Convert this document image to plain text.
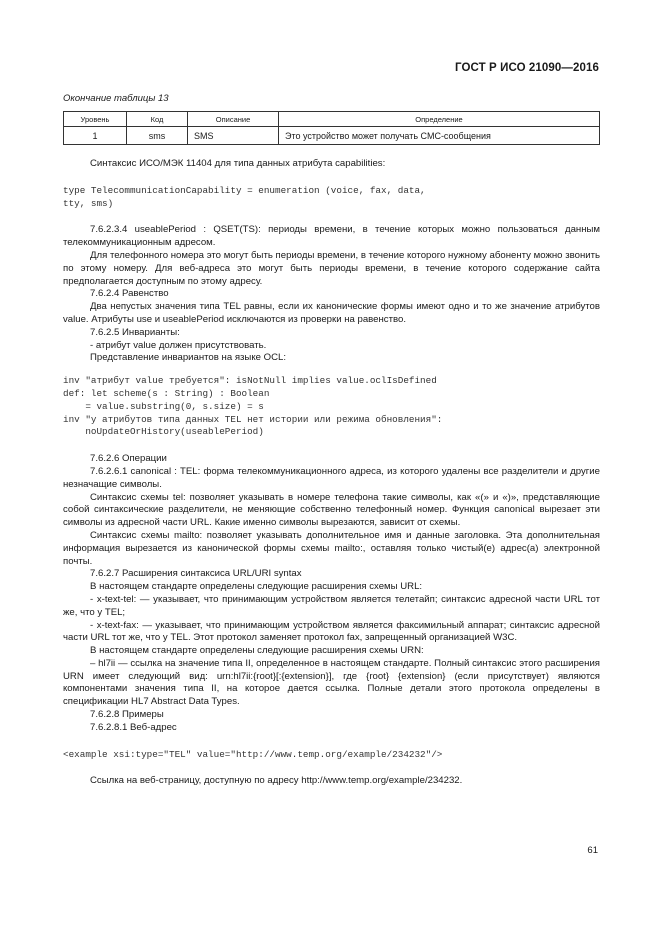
ГОСТ Р ИСО 21090—2016
Окончание таблицы 13
Уровень	Код	Описание	Определение
1	sms	SMS	Это устройство может получать СМС-сообщения

Синтаксис ИСО/МЭК 11404 для типа данных атрибута capabilities:

type TelecommunicationCapability = enumeration (voice, fax, data,
tty, sms)

7.6.2.3.4 useablePeriod : QSET(TS): периоды времени, в течение которых можно пользоваться данным телекоммуникационным адресом.

Для телефонного номера это могут быть периоды времени, в течение которого нужному абоненту можно звонить по этому номеру. Для веб-адреса это могут быть периоды времени, в течение которого содержание сайта предполагается доступным по этому адресу.

7.6.2.4 Равенство

Два непустых значения типа TEL равны, если их канонические формы имеют одно и то же значение атрибутов value. Атрибуты use и useablePeriod исключаются из проверки на равенство.

7.6.2.5 Инварианты:

- атрибут value должен присутствовать.

Представление инвариантов на языке OCL:

inv "атрибут value требуется": isNotNull implies value.oclIsDefined
def: let scheme(s : String) : Boolean
= value.substring(0, s.size) = s
inv "у атрибутов типа данных TEL нет истории или режима обновления":
noUpdateOrHistory(useablePeriod)

7.6.2.6 Операции

7.6.2.6.1 canonical : TEL: форма телекоммуникационного адреса, из которого удалены все разделители и другие незначащие символы.

Синтаксис схемы tel: позволяет указывать в номере телефона такие символы, как «(» и «)», представляющие собой синтаксические разделители, не меняющие собственно телефонный номер. Функция canonical вырезает эти символы из адресной части URL. Какие именно символы вырезаются, зависит от схемы.

Синтаксис схемы mailto: позволяет указывать дополнительное имя и данные заголовка. Эта дополнительная информация вырезается из канонической формы схемы mailto:, оставляя только чистый(е) адрес(а) электронной почты.

7.6.2.7 Расширения синтаксиса URL/URI syntax

В настоящем стандарте определены следующие расширения схемы URL:

- x-text-tel: — указывает, что принимающим устройством является телетайп; синтаксис адресной части URL тот же, что у TEL;

- x-text-fax: — указывает, что принимающим устройством является факсимильный аппарат; синтаксис адресной части URL тот же, что у TEL. Этот протокол заменяет протокол fax, запрещенный организацией W3C.

В настоящем стандарте определены следующие расширения схемы URN:

– hl7ii — ссылка на значение типа II, определенное в настоящем стандарте. Полный синтаксис этого расширения URN имеет следующий вид: urn:hl7ii:{root}[:{extension}], где {root} {extension} (если присутствует) являются компонентами значения типа II, на которое дается ссылка. Полные детали этого протокола определены в спецификации HL7 Abstract Data Types.

7.6.2.8 Примеры

7.6.2.8.1 Веб-адрес

<example xsi:type="TEL" value="http://www.temp.org/example/234232"/>

Ссылка на веб-страницу, доступную по адресу http://www.temp.org/example/234232.

61
